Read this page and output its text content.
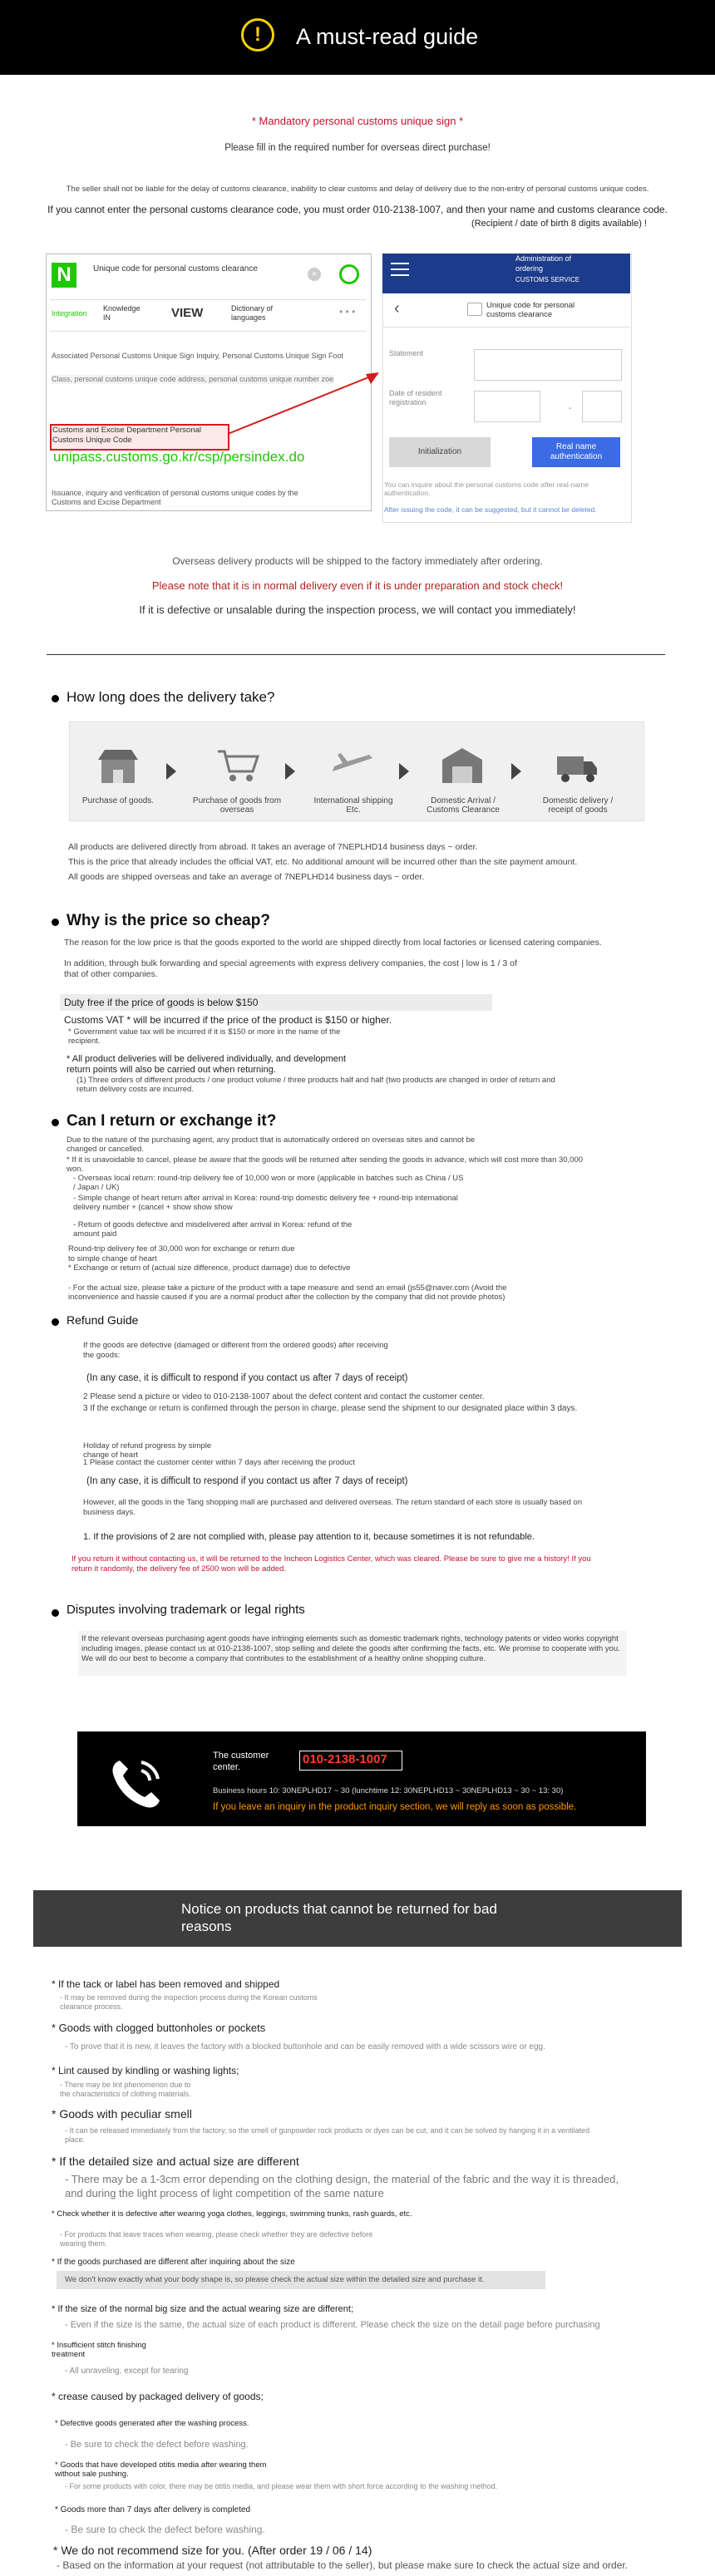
!	A must-read guide
* Mandatory personal customs unique sign *
Please fill in the required number for overseas direct purchase!
The seller shall not be liable for the delay of customs clearance, inability to clear customs and delay of delivery due to the non-entry of personal customs unique codes.
If you cannot enter the personal customs clearance code, you must order 010-2138-1007, and then your name and customs clearance code.
(Recipient / date of birth 8 digits available) !
N	Unique code for personal customs clearance
×
Integration
Knowledge IN	VIEW	Dictionary of languages	• • •
Associated Personal Customs Unique Sign Inquiry, Personal Customs Unique Sign Foot
Class, personal customs unique code address, personal customs unique number zoe
Customs and Excise Department Personal Customs Unique Code
unipass.customs.go.kr/csp/persindex.do
Issuance, inquiry and verification of personal customs unique codes by the Customs and Excise Department
Administration of
ordering
CUSTOMS SERVICE
‹	Unique code for personal customs clearance
Statement
Date of resident registration
-
Initialization
Real name authentication
You can inquire about the personal customs code after real-name authentication.
After issuing the code, it can be suggested, but it cannot be deleted.
Overseas delivery products will be shipped to the factory immediately after ordering.
Please note that it is in normal delivery even if it is under preparation and stock check!
If it is defective or unsalable during the inspection process, we will contact you immediately!
How long does the delivery take?
Purchase of goods.	Purchase of goods from overseas
International shipping Etc.
Domestic Arrival / Customs Clearance
Domestic delivery / receipt of goods
All products are delivered directly from abroad. It takes an average of 7NEPLHD14 business days ~ order.
This is the price that already includes the official VAT, etc. No additional amount will be incurred other than the site payment amount.
All goods are shipped overseas and take an average of 7NEPLHD14 business days ~ order.
Why is the price so cheap?
The reason for the low price is that the goods exported to the world are shipped directly from local factories or licensed catering companies.
In addition, through bulk forwarding and special agreements with express delivery companies, the cost | low is 1 / 3 of that of other companies.
Duty free if the price of goods is below $150
Customs VAT * will be incurred if the price of the product is $150 or higher.
* Government value tax will be incurred if it is $150 or more in the name of the recipient.
* All product deliveries will be delivered individually, and development return points will also be carried out when returning.
(1) Three orders of different products / one product volume / three products half and half (two products are changed in order of return and return delivery costs are incurred.
Can I return or exchange it?
Due to the nature of the purchasing agent, any product that is automatically ordered on overseas sites and cannot be changed or cancelled.
* If it is unavoidable to cancel, please be aware that the goods will be returned after sending the goods in advance, which will cost more than 30,000 won.
- Overseas local return: round-trip delivery fee of 10,000 won or more (applicable in batches such as China / US / Japan / UK)
- Simple change of heart return after arrival in Korea: round-trip domestic delivery fee + round-trip international delivery number + (cancel + show show show
- Return of goods defective and misdelivered after arrival in Korea: refund of the amount paid
Round-trip delivery fee of 30,000 won for exchange or return due
to simple change of heart
* Exchange or return of (actual size difference, product damage) due to defective
- For the actual size, please take a picture of the product with a tape measure and send an email (js55@naver.com (Avoid the inconvenience and hassle caused if you are a normal product after the collection by the company that did not provide photos)
Refund Guide
If the goods are defective (damaged or different from the ordered goods) after receiving the goods:
(In any case, it is difficult to respond if you contact us after 7 days of receipt)
2 Please send a picture or video to 010-2138-1007 about the defect content and contact the customer center.
3 If the exchange or return is confirmed through the person in charge, please send the shipment to our designated place within 3 days.
Holiday of refund progress by simple change of heart
1 Please contact the customer center within 7 days after receiving the product
(In any case, it is difficult to respond if you contact us after 7 days of receipt)
However, all the goods in the Tang shopping mall are purchased and delivered overseas. The return standard of each store is usually based on business days.
1. If the provisions of 2 are not complied with, please pay attention to it, because sometimes it is not refundable.
If you return it without contacting us, it will be returned to the Incheon Logistics Center, which was cleared. Please be sure to give me a history! If you return it randomly, the delivery fee of 2500 won will be added.
Disputes involving trademark or legal rights
If the relevant overseas purchasing agent goods have infringing elements such as domestic trademark rights, technology patents or video works copyright including images, please contact us at 010-2138-1007, stop selling and delete the goods after confirming the facts, etc. We promise to cooperate with you. We will do our best to become a company that contributes to the establishment of a healthy online shopping culture.
The customer
center.
010-2138-1007
Business hours 10: 30NEPLHD17 ~ 30 (lunchtime 12: 30NEPLHD13 ~ 30NEPLHD13 ~ 30 ~ 13: 30)
If you leave an inquiry in the product inquiry section, we will reply as soon as possible.
Notice on products that cannot be returned for bad reasons
* If the tack or label has been removed and shipped
- It may be removed during the inspection process during the Korean customs clearance process.
* Goods with clogged buttonholes or pockets
- To prove that it is new, it leaves the factory with a blocked buttonhole and can be easily removed with a wide scissors wire or egg.
* Lint caused by kindling or washing lights;
- There may be lint phenomenon due to the characteristics of clothing materials.
* Goods with peculiar smell
- It can be released immediately from the factory, so the smell of gunpowder rock products or dyes can be cut, and it can be solved by hanging it in a ventilated place.
* If the detailed size and actual size are different
- There may be a 1-3cm error depending on the clothing design, the material of the fabric and the way it is threaded, and during the light process of light competition of the same nature
* Check whether it is defective after wearing yoga clothes, leggings, swimming trunks, rash guards, etc.
- For products that leave traces when wearing, please check whether they are defective before wearing them.
* If the goods purchased are different after inquiring about the size
We don't know exactly what your body shape is, so please check the actual size within the detailed size and purchase it.
* If the size of the normal big size and the actual wearing size are different;
- Even if the size is the same, the actual size of each product is different. Please check the size on the detail page before purchasing
* Insufficient stitch finishing treatment
- All unraveling, except for tearing
* crease caused by packaged delivery of goods;
* Defective goods generated after the washing process.
- Be sure to check the defect before washing.
* Goods that have developed otitis media after wearing them without sale pushing.
- For some products with color, there may be otitis media, and please wear them with short force according to the washing method.
* Goods more than 7 days after delivery is completed
- Be sure to check the defect before washing.
* We do not recommend size for you. (After order 19 / 06 / 14)
- Based on the information at your request (not attributable to the seller), but please make sure to check the actual size and order.
